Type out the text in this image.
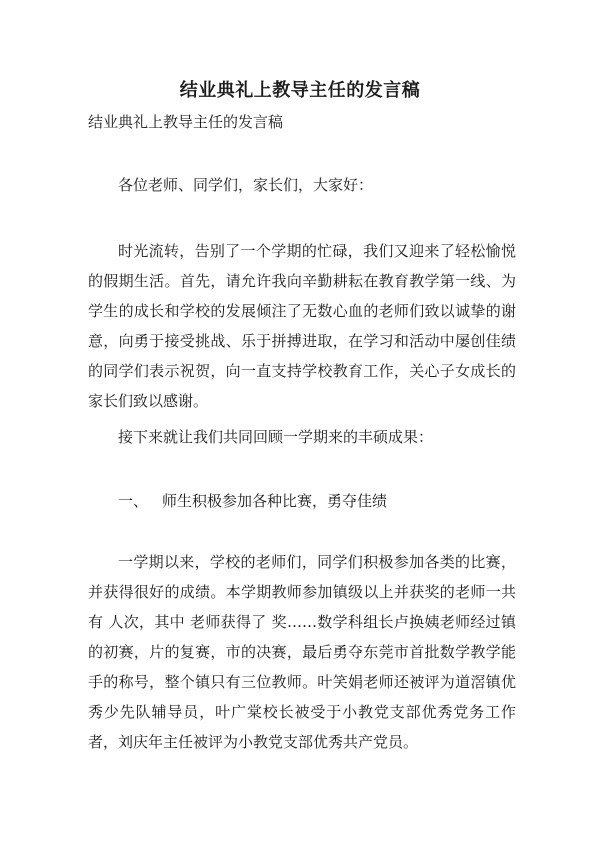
结业典礼上教导主任的发言稿
结业典礼上教导主任的发言稿
各位老师、同学们，家长们，大家好：
时光流转，告别了一个学期的忙碌，我们又迎来了轻松愉悦的假期生活。首先，请允许我向辛勤耕耘在教育教学第一线、为学生的成长和学校的发展倾注了无数心血的老师们致以诚挚的谢意，向勇于接受挑战、乐于拼搏进取，在学习和活动中屡创佳绩的同学们表示祝贺，向一直支持学校教育工作，关心子女成长的家长们致以感谢。
接下来就让我们共同回顾一学期来的丰硕成果：
一、 师生积极参加各种比赛，勇夺佳绩
一学期以来，学校的老师们，同学们积极参加各类的比赛，并获得很好的成绩。本学期教师参加镇级以上并获奖的老师一共有 人次，其中 老师获得了 奖……数学科组长卢换姨老师经过镇的初赛，片的复赛，市的决赛，最后勇夺东莞市首批数学教学能手的称号，整个镇只有三位教师。叶笑娟老师还被评为道滘镇优秀少先队辅导员，叶广棠校长被受于小教党支部优秀党务工作者，刘庆年主任被评为小教党支部优秀共产党员。
